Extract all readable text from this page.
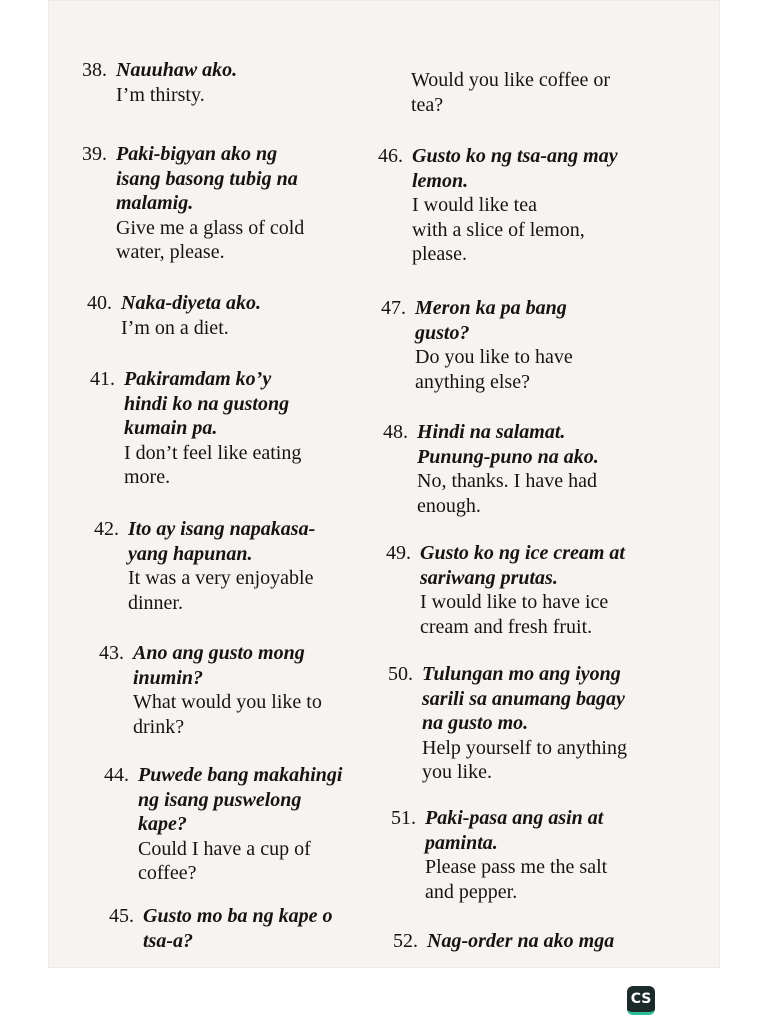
38. Nauuhaw ako.
I’m thirsty.
39. Paki-bigyan ako ng
isang basong tubig na
malamig.
Give me a glass of cold
water, please.
40. Naka-diyeta ako.
I’m on a diet.
41. Pakiramdam ko’y
hindi ko na gustong
kumain pa.
I don’t feel like eating
more.
42. Ito ay isang napakasa-
yang hapunan.
It was a very enjoyable
dinner.
43. Ano ang gusto mong
inumin?
What would you like to
drink?
44. Puwede bang makahingi
ng isang puswelong
kape?
Could I have a cup of
coffee?
45. Gusto mo ba ng kape o
tsa-a?
Would you like coffee or
tea?
46. Gusto ko ng tsa-ang may
lemon.
I would like tea
with a slice of lemon,
please.
47. Meron ka pa bang
gusto?
Do you like to have
anything else?
48. Hindi na salamat.
Punung-puno na ako.
No, thanks. I have had
enough.
49. Gusto ko ng ice cream at
sariwang prutas.
I would like to have ice
cream and fresh fruit.
50. Tulungan mo ang iyong
sarili sa anumang bagay
na gusto mo.
Help yourself to anything
you like.
51. Paki-pasa ang asin at
paminta.
Please pass me the salt
and pepper.
52. Nag-order na ako mga
CS
